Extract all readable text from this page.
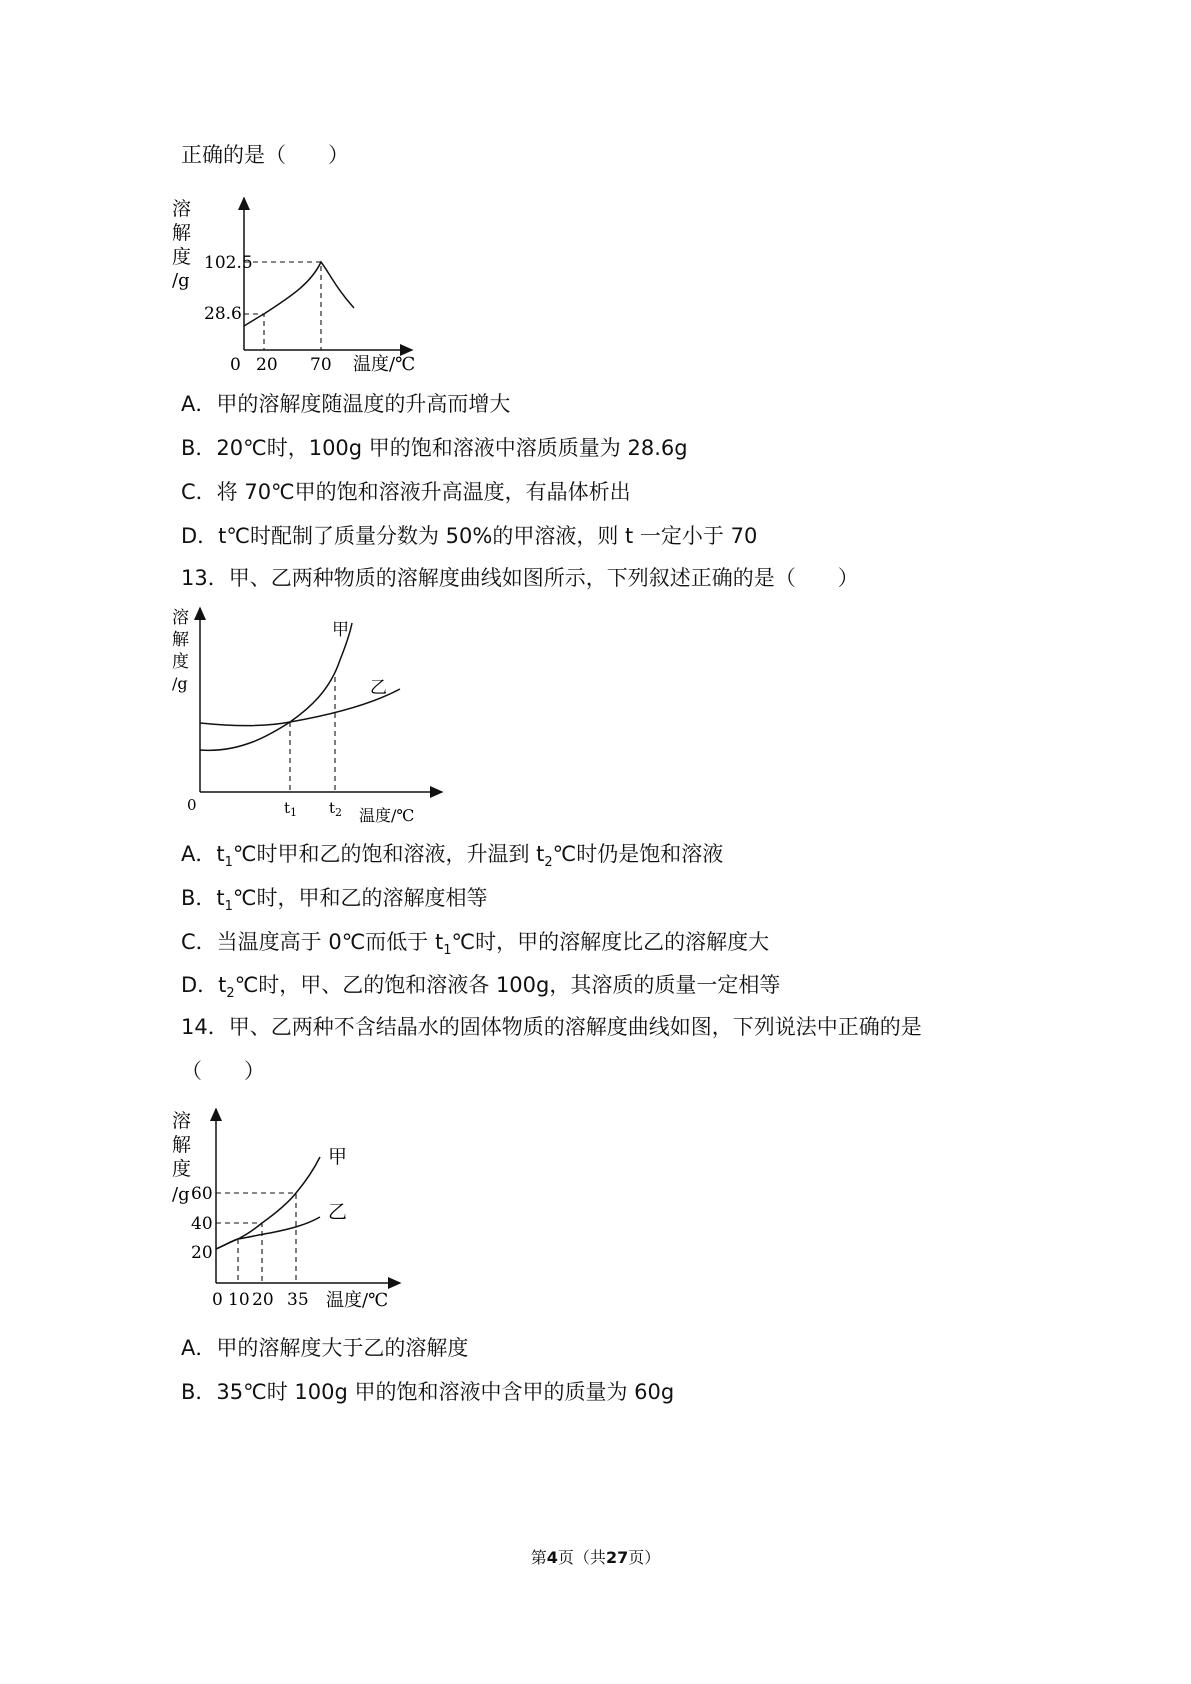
正确的是（　　）
溶
解
度
/g
102.5
28.6
0 20 70 温度/℃
A．甲的溶解度随温度的升高而增大
B．20℃时，100g 甲的饱和溶液中溶质质量为 28.6g
C．将 70℃甲的饱和溶液升高温度，有晶体析出
D．t℃时配制了质量分数为 50%的甲溶液，则 t 一定小于 70
13．甲、乙两种物质的溶解度曲线如图所示，下列叙述正确的是（　　）
溶
解
度
/g
甲
乙
0	$t_1$ $t_2$ 温度/℃
A．$t_1℃$时甲和乙的饱和溶液，升温到 $t_2℃$时仍是饱和溶液
B．$t_1℃$时，甲和乙的溶解度相等
C．当温度高于 0℃而低于 $t_1℃$时，甲的溶解度比乙的溶解度大
D．$t_2℃$时，甲、乙的饱和溶液各 100g，其溶质的质量一定相等
14．甲、乙两种不含结晶水的固体物质的溶解度曲线如图，下列说法中正确的是
（　　）
溶
解
度
/g
甲
乙
60
40
20
0 10 20 35 温度/℃
A．甲的溶解度大于乙的溶解度
B．35℃时 100g 甲的饱和溶液中含甲的质量为 60g
第4页（共27页）
